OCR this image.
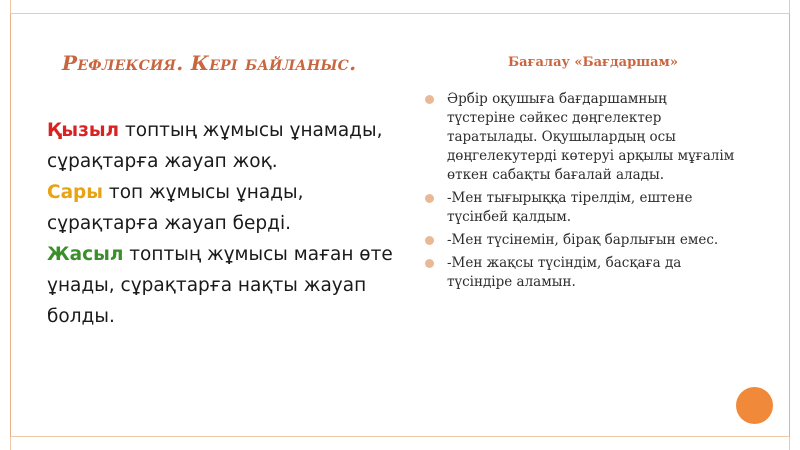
Рефлексия. Кері байланыс.	Бағалау «Бағдаршам»

Қызыл топтың жұмысы ұнамады, сұрақтарға жауап жоқ.

Сары топ жұмысы ұнады, сұрақтарға жауап берді.

Жасыл топтың жұмысы маған өте ұнады, сұрақтарға нақты жауап болды.

Әрбір оқушыға бағдаршамның түстеріне сәйкес дөңгелектер таратылады. Оқушылардың осы дөңгелекутерді көтеруі арқылы мұғалім өткен сабақты бағалай алады.
-Мен тығырыққа тірелдім, ештене түсінбей қалдым.
-Мен түсінемін, бірақ барлығын емес.
-Мен жақсы түсіндім, басқаға да түсіндіре аламын.
